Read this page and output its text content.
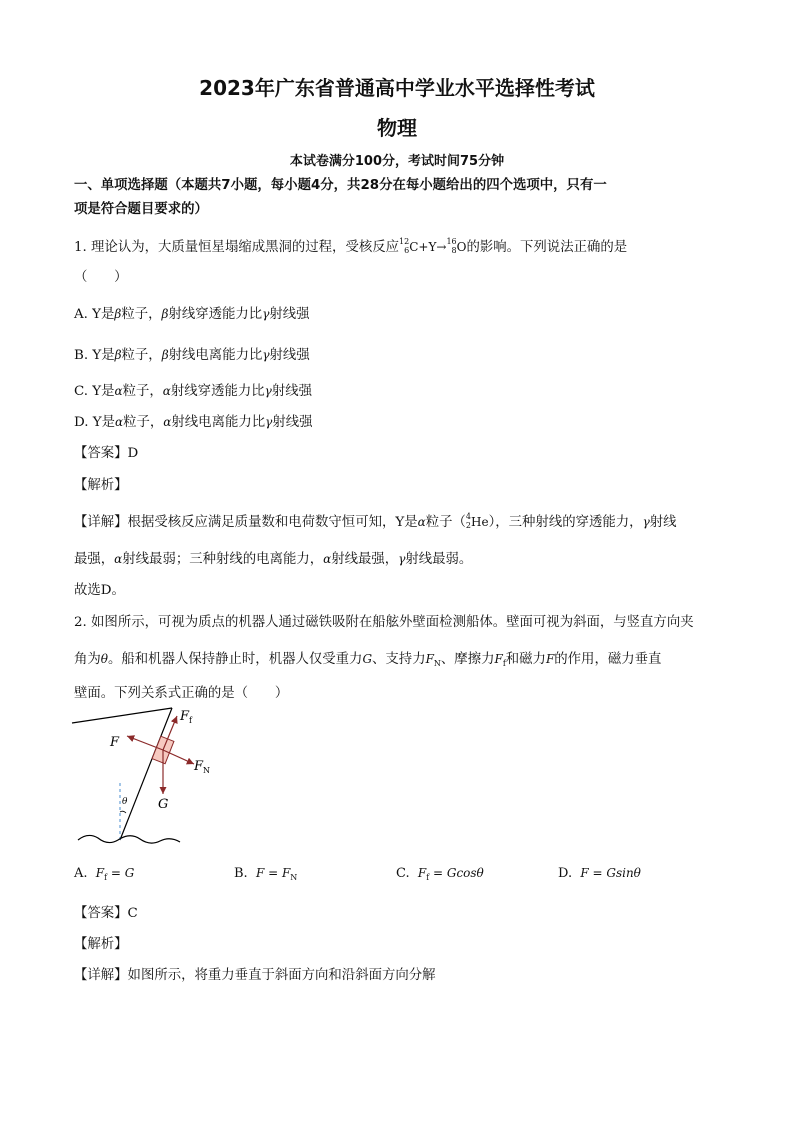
2023年广东省普通高中学业水平选择性考试
物理
本试卷满分100分，考试时间75分钟
一、单项选择题（本题共7小题，每小题4分，共28分在每小题给出的四个选项中，只有一
项是符合题目要求的）
1. 理论认为，大质量恒星塌缩成黑洞的过程，受核反应12
6C+Y→16
8O的影响。下列说法正确的是
（　　）
A. Y是β粒子，β射线穿透能力比γ射线强
B. Y是β粒子，β射线电离能力比γ射线强
C. Y是α粒子，α射线穿透能力比γ射线强
D. Y是α粒子，α射线电离能力比γ射线强
【答案】D
【解析】
【详解】根据受核反应满足质量数和电荷数守恒可知，Y是α粒子（4
2He），三种射线的穿透能力，γ射线
最强，α射线最弱；三种射线的电离能力，α射线最强，γ射线最弱。
故选D。
2. 如图所示，可视为质点的机器人通过磁铁吸附在船舷外壁面检测船体。壁面可视为斜面，与竖直方向夹
角为θ。船和机器人保持静止时，机器人仅受重力G、支持力$F_N$、摩擦力$F_f$和磁力F的作用，磁力垂直
壁面。下列关系式正确的是（　　）
$F_f$
F
$F_N$
G
θ
A. $F_f = G$	B. $F = F_N$	C. $F_f = Gcos\theta$	D. F = Gsinθ
【答案】C
【解析】
【详解】如图所示，将重力垂直于斜面方向和沿斜面方向分解
